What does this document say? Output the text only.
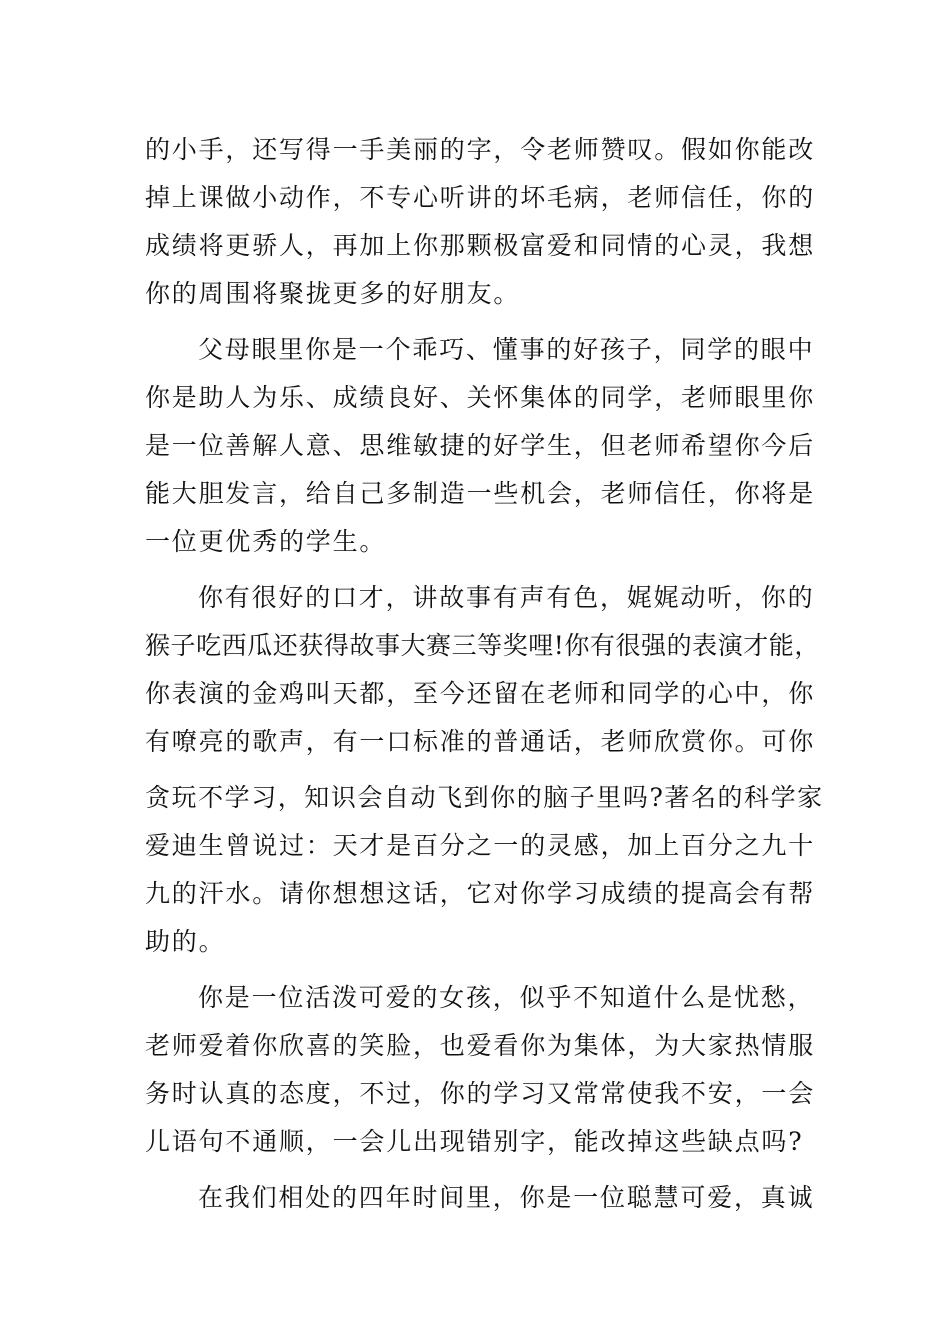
的小手，还写得一手美丽的字，令老师赞叹。假如你能改
掉上课做小动作，不专心听讲的坏毛病，老师信任，你的
成绩将更骄人，再加上你那颗极富爱和同情的心灵，我想
你的周围将聚拢更多的好朋友。
父母眼里你是一个乖巧、懂事的好孩子，同学的眼中
你是助人为乐、成绩良好、关怀集体的同学，老师眼里你
是一位善解人意、思维敏捷的好学生，但老师希望你今后
能大胆发言，给自己多制造一些机会，老师信任，你将是
一位更优秀的学生。
你有很好的口才，讲故事有声有色，娓娓动听，你的
猴子吃西瓜还获得故事大赛三等奖哩!你有很强的表演才能，
你表演的金鸡叫天都，至今还留在老师和同学的心中，你
有嘹亮的歌声，有一口标准的普通话，老师欣赏你。可你
贪玩不学习，知识会自动飞到你的脑子里吗?著名的科学家
爱迪生曾说过：天才是百分之一的灵感，加上百分之九十
九的汗水。请你想想这话，它对你学习成绩的提高会有帮
助的。
你是一位活泼可爱的女孩，似乎不知道什么是忧愁，
老师爱着你欣喜的笑脸，也爱看你为集体，为大家热情服
务时认真的态度，不过，你的学习又常常使我不安，一会
儿语句不通顺，一会儿出现错别字，能改掉这些缺点吗?
在我们相处的四年时间里，你是一位聪慧可爱，真诚
